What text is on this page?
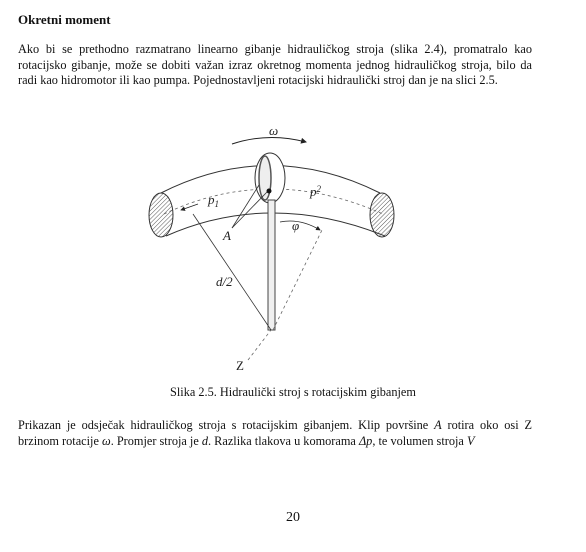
Okretni moment
Ako bi se prethodno razmatrano linearno gibanje hidrauličkog stroja (slika 2.4), promatralo kao rotacijsko gibanje, može se dobiti važan izraz okretnog momenta jednog hidrauličkog stroja, bilo da radi kao hidromotor ili kao pumpa. Pojednostavljeni rotacijski hidraulički stroj dan je na slici 2.5.
ω
$p_1$
$p^2$
A
φ
d/2
Z
Slika 2.5. Hidraulički stroj s rotacijskim gibanjem
Prikazan je odsječak hidrauličkog stroja s rotacijskim gibanjem. Klip površine A rotira oko osi Z brzinom rotacije ω. Promjer stroja je d. Razlika tlakova u komorama Δp, te volumen stroja V
20
